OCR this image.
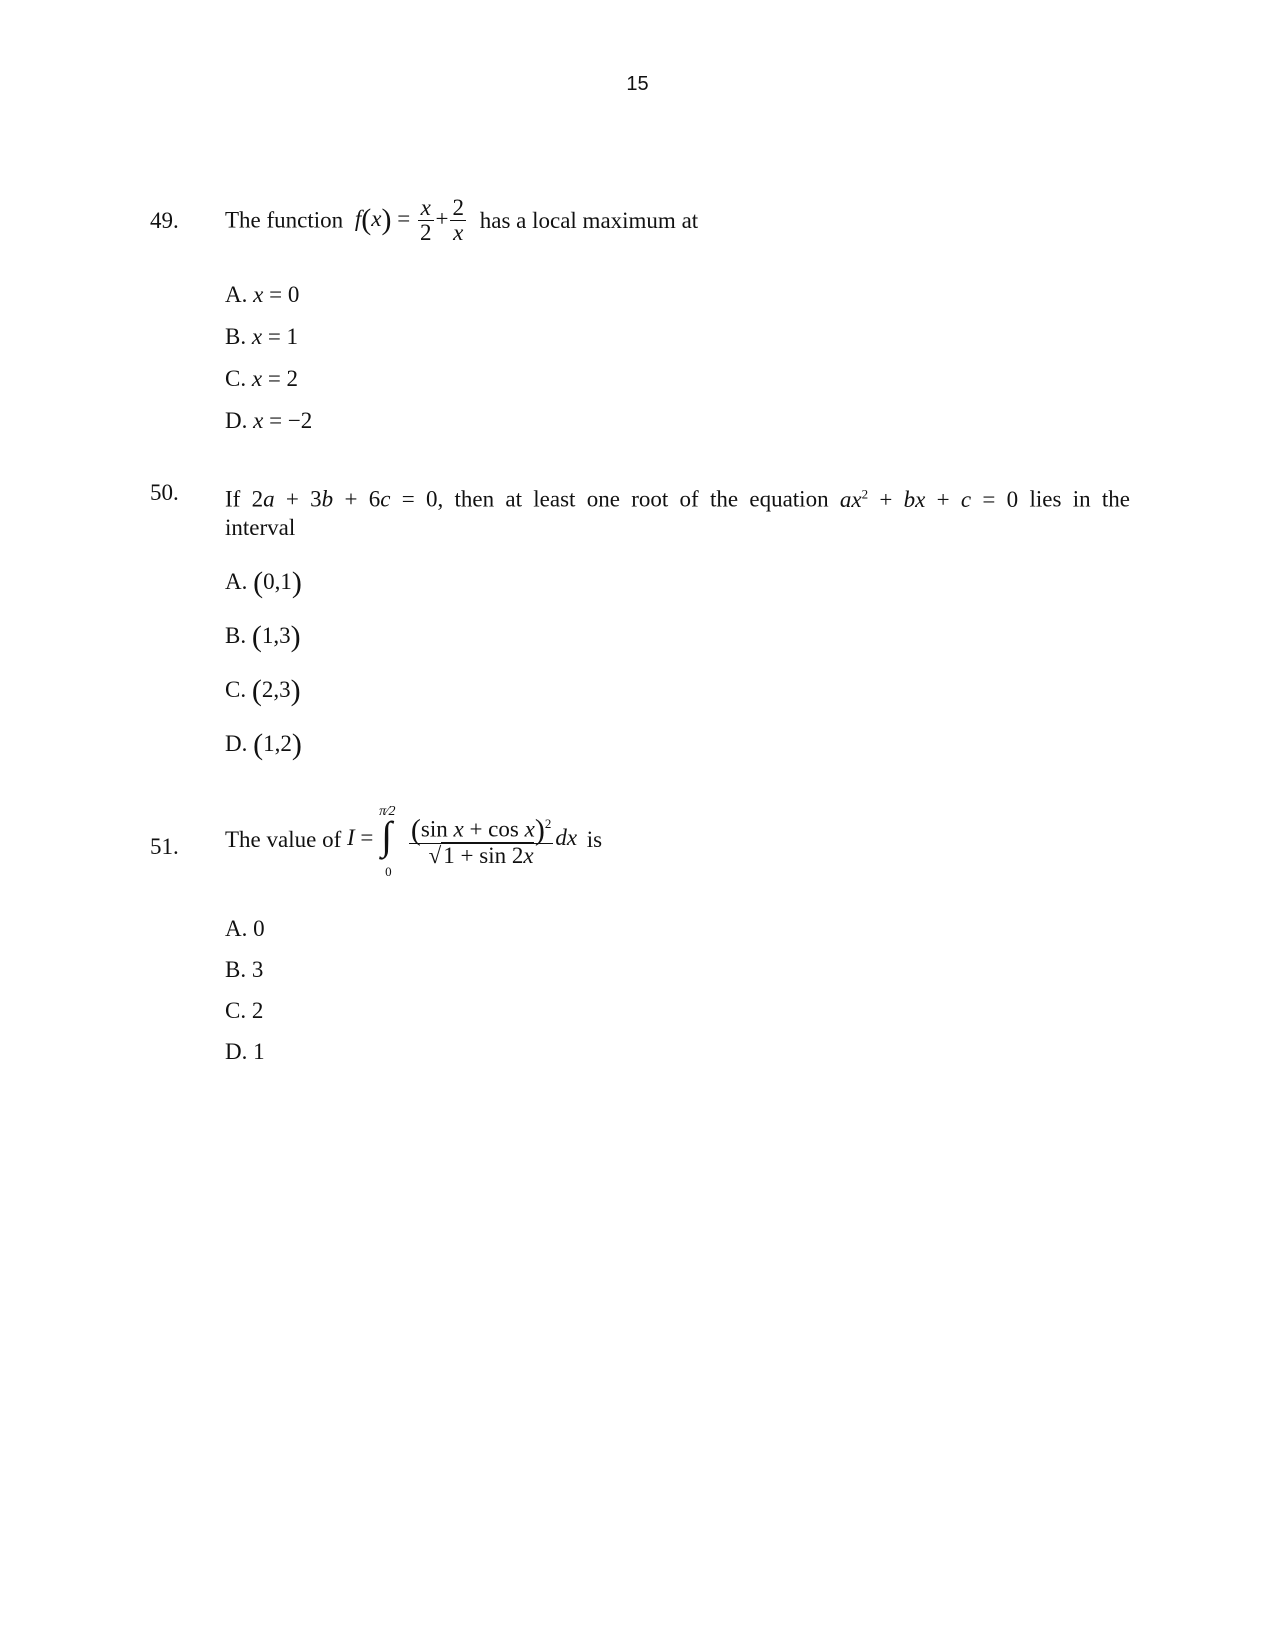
15
49. The function $f(x) = \frac{x}{2} + \frac{2}{x}$ has a local maximum at
A. x = 0
B. x = 1
C. x = 2
D. x = −2
50. If 2a + 3b + 6c = 0, then at least one root of the equation $ax^2$ + bx + c = 0 lies in the
interval
A. (0,1)
B. (1,3)
C. (2,3)
D. (1,2)
51. The value of I =
π⁄2
∫
0

$\frac{(\sin x + \cos x)^2}{√1 + \sin 2x}$ dx is
A. 0
B. 3
C. 2
D. 1
